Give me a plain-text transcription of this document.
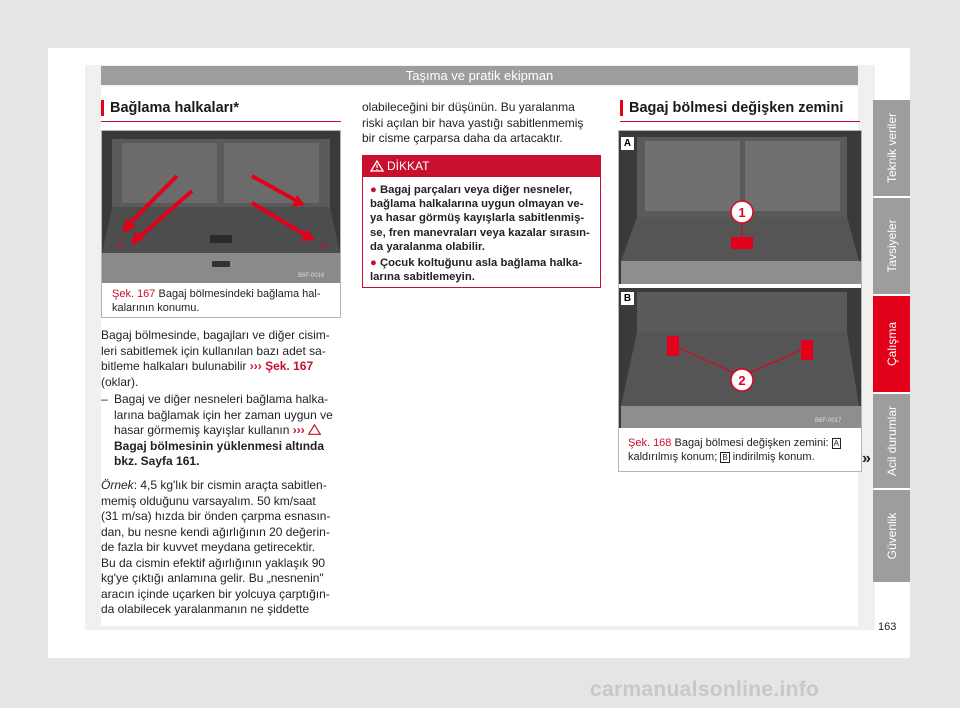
Taşıma ve pratik ekipman
Bağlama halkaları*
∩	∩
B6F-0016
Şek. 167 Bagaj bölmesindeki bağlama hal-kalarının konumu.
Bagaj bölmesinde, bagajları ve diğer cisim-
leri sabitlemek için kullanılan bazı adet sa-
bitleme halkaları bulunabilir ››› Şek. 167
(oklar).
– Bagaj ve diğer nesneleri bağlama halka-
larına bağlamak için her zaman uygun ve
hasar görmemiş kayışlar kullanın ›››
Bagaj bölmesinin yüklenmesi altında
bkz. Sayfa 161.
Örnek: 4,5 kg'lık bir cismin araçta sabitlen-
memiş olduğunu varsayalım. 50 km/saat
(31 m/sa) hızda bir önden çarpma esnasın-
dan, bu nesne kendi ağırlığının 20 değerin-
de fazla bir kuvvet meydana getirecektir.
Bu da cismin efektif ağırlığının yaklaşık 90
kg'ye çıktığı anlamına gelir. Bu „nesnenin"
aracın içinde uçarken bir yolcuya çarptığın-
da olabilecek yaralanmanın ne şiddette
olabileceğini bir düşünün. Bu yaralanma
riski açılan bir hava yastığı sabitlenmemiş
bir cisme çarparsa daha da artacaktır.
DİKKAT
● Bagaj parçaları veya diğer nesneler,
bağlama halkalarına uygun olmayan ve-
ya hasar görmüş kayışlarla sabitlenmiş-
se, fren manevraları veya kazalar sırasın-
da yaralanma olabilir.
● Çocuk koltuğunu asla bağlama halka-
larına sabitlemeyin.
Bagaj bölmesi değişken zemini
1
A
2
B6F-0017
B
Şek. 168 Bagaj bölmesi değişken zemini: A
kaldırılmış konum; B indirilmiş konum.	»
Teknik veriler
Tavsiyeler
Çalışma
Acil durumlar
Güvenlik
163
carmanualsonline.info
